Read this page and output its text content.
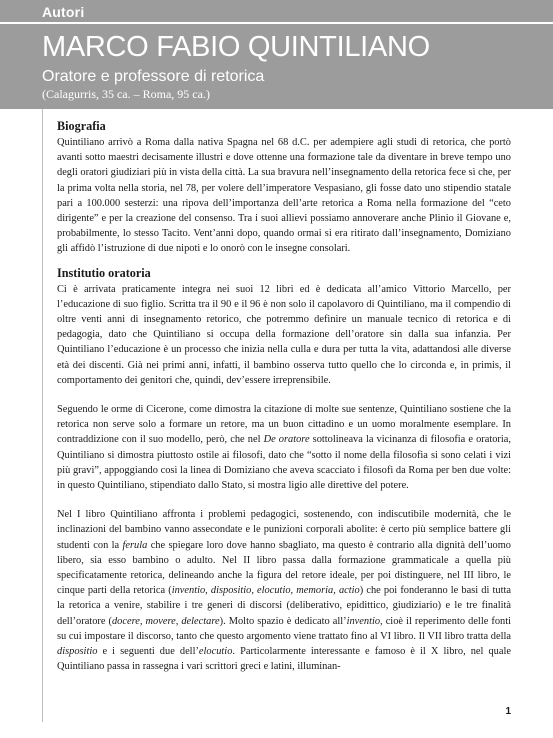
Autori
MARCO FABIO QUINTILIANO
Oratore e professore di retorica
(Calagurris, 35 ca. – Roma, 95 ca.)
Biografia

Quintiliano arrivò a Roma dalla nativa Spagna nel 68 d.C. per adempiere agli studi di retorica, che portò avanti sotto maestri decisamente illustri e dove ottenne una formazione tale da diventare in breve tempo uno degli oratori giudiziari più in vista della città. La sua bravura nell’insegnamento della retorica fece sì che, per la prima volta nella storia, nel 78, per volere dell’imperatore Vespasiano, gli fosse dato uno stipendio statale pari a 100.000 sesterzi: una ripova dell’importanza dell’arte retorica a Roma nella formazione del “ceto dirigente” e per la creazione del consenso. Tra i suoi allievi possiamo annoverare anche Plinio il Giovane e, probabilmente, lo stesso Tacito. Vent’anni dopo, quando ormai si era ritirato dall’insegnamento, Domiziano gli affidò l’istruzione di due nipoti e lo onorò con le insegne consolari.

Institutio oratoria

Ci è arrivata praticamente integra nei suoi 12 libri ed è dedicata all’amico Vittorio Marcello, per l’educazione di suo figlio. Scritta tra il 90 e il 96 è non solo il capolavoro di Quintiliano, ma il compendio di oltre venti anni di insegnamento retorico, che potremmo definire un manuale tecnico di retorica e di pedagogia, dato che Quintiliano si occupa della formazione dell’oratore sin dalla sua infanzia. Per Quintiliano l’educazione è un processo che inizia nella culla e dura per tutta la vita, adattandosi alle diverse età dei discenti. Già nei primi anni, infatti, il bambino osserva tutto quello che lo circonda e, in primis, il comportamento dei genitori che, quindi, dev’essere irreprensibile.

Seguendo le orme di Cicerone, come dimostra la citazione di molte sue sentenze, Quintiliano sostiene che la retorica non serve solo a formare un retore, ma un buon cittadino e un uomo moralmente esemplare. In contraddizione con il suo modello, però, che nel De oratore sottolineava la vicinanza di filosofia e oratoria, Quintiliano si dimostra piuttosto ostile ai filosofi, dato che “sotto il nome della filosofia si sono celati i vizi più gravi”, appoggiando così la linea di Domiziano che aveva scacciato i filosofi da Roma per ben due volte: in questo Quintiliano, stipendiato dallo Stato, si mostra ligio alle direttive del potere.

Nel I libro Quintiliano affronta i problemi pedagogici, sostenendo, con indiscutibile modernità, che le inclinazioni del bambino vanno assecondate e le punizioni corporali abolite: è certo più semplice battere gli studenti con la ferula che spiegare loro dove hanno sbagliato, ma questo è contrario alla dignità dell’uomo libero, sia esso bambino o adulto. Nel II libro passa dalla formazione grammaticale a quella più specificatamente retorica, delineando anche la figura del retore ideale, per poi distinguere, nel III libro, le cinque parti della retorica (inventio, dispositio, elocutio, memoria, actio) che poi fonderanno le basi di tutta la retorica a venire, stabilire i tre generi di discorsi (deliberativo, epidittico, giudiziario) e le tre finalità dell’oratore (docere, movere, delectare). Molto spazio è dedicato all’inventio, cioè il reperimento delle fonti su cui impostare il discorso, tanto che questo argomento viene trattato fino al VI libro. Il VII libro tratta della dispositio e i seguenti due dell’elocutio. Particolarmente interessante e famoso è il X libro, nel quale Quintiliano passa in rassegna i vari scrittori greci e latini, illuminan-

1
